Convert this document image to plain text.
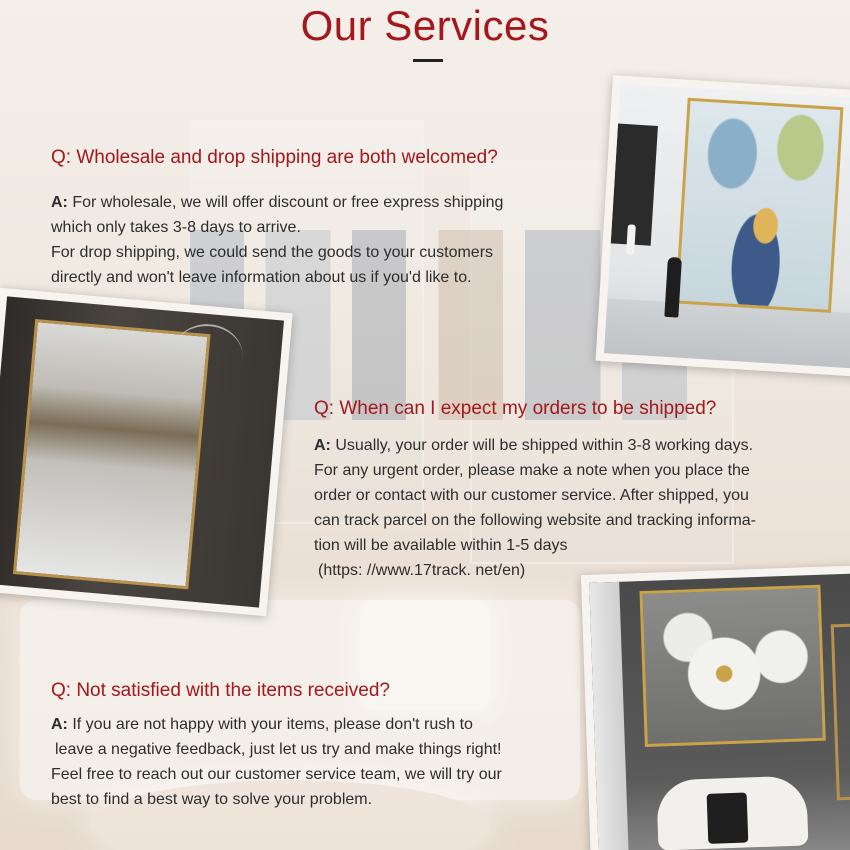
Our Services
Q: Wholesale and drop shipping are both welcomed?
A: For wholesale, we will offer discount or free express shipping
which only takes 3-8 days to arrive.
For drop shipping, we could send the goods to your customers
directly and won't leave information about us if you'd like to.
Q: When can I expect my orders to be shipped?
A: Usually, your order will be shipped within 3-8 working days.
For any urgent order, please make a note when you place the
order or contact with our customer service. After shipped, you
can track parcel on the following website and tracking informa-
tion will be available within 1-5 days
(https: //www.17track. net/en)
Q: Not satisfied with the items received?
A: If you are not happy with your items, please don't rush to
leave a negative feedback, just let us try and make things right!
Feel free to reach out our customer service team, we will try our
best to find a best way to solve your problem.
